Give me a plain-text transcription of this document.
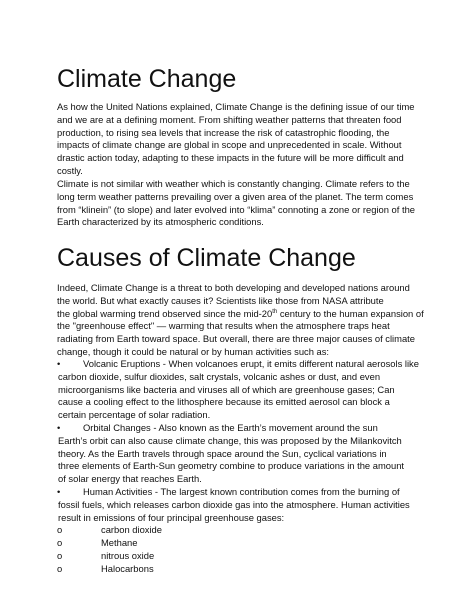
Climate Change
As how the United Nations explained, Climate Change is the defining issue of our time
and we are at a defining moment. From shifting weather patterns that threaten food
production, to rising sea levels that increase the risk of catastrophic flooding, the
impacts of climate change are global in scope and unprecedented in scale. Without
drastic action today, adapting to these impacts in the future will be more difficult and
costly.
Climate is not similar with weather which is constantly changing. Climate refers to the
long term weather patterns prevailing over a given area of the planet. The term comes
from “klinein” (to slope) and later evolved into “klima” connoting a zone or region of the
Earth characterized by its atmospheric conditions.
Causes of Climate Change
Indeed, Climate Change is a threat to both developing and developed nations around
the world. But what exactly causes it? Scientists like those from NASA attribute
the global warming trend observed since the mid-20th century to the human expansion of
the "greenhouse effect" — warming that results when the atmosphere traps heat
radiating from Earth toward space. But overall, there are three major causes of climate
change, though it could be natural or by human activities such as:
• Volcanic Eruptions - When volcanoes erupt, it emits different natural aerosols like
carbon dioxide, sulfur dioxides, salt crystals, volcanic ashes or dust, and even
microorganisms like bacteria and viruses all of which are greenhouse gases; Can
cause a cooling effect to the lithosphere because its emitted aerosol can block a
certain percentage of solar radiation.
• Orbital Changes - Also known as the Earth’s movement around the sun
Earth’s orbit can also cause climate change, this was proposed by the Milankovitch
theory. As the Earth travels through space around the Sun, cyclical variations in
three elements of Earth-Sun geometry combine to produce variations in the amount
of solar energy that reaches Earth.
• Human Activities - The largest known contribution comes from the burning of
fossil fuels, which releases carbon dioxide gas into the atmosphere. Human activities
result in emissions of four principal greenhouse gases:
o	carbon dioxide
o	Methane
o	nitrous oxide
o	Halocarbons
